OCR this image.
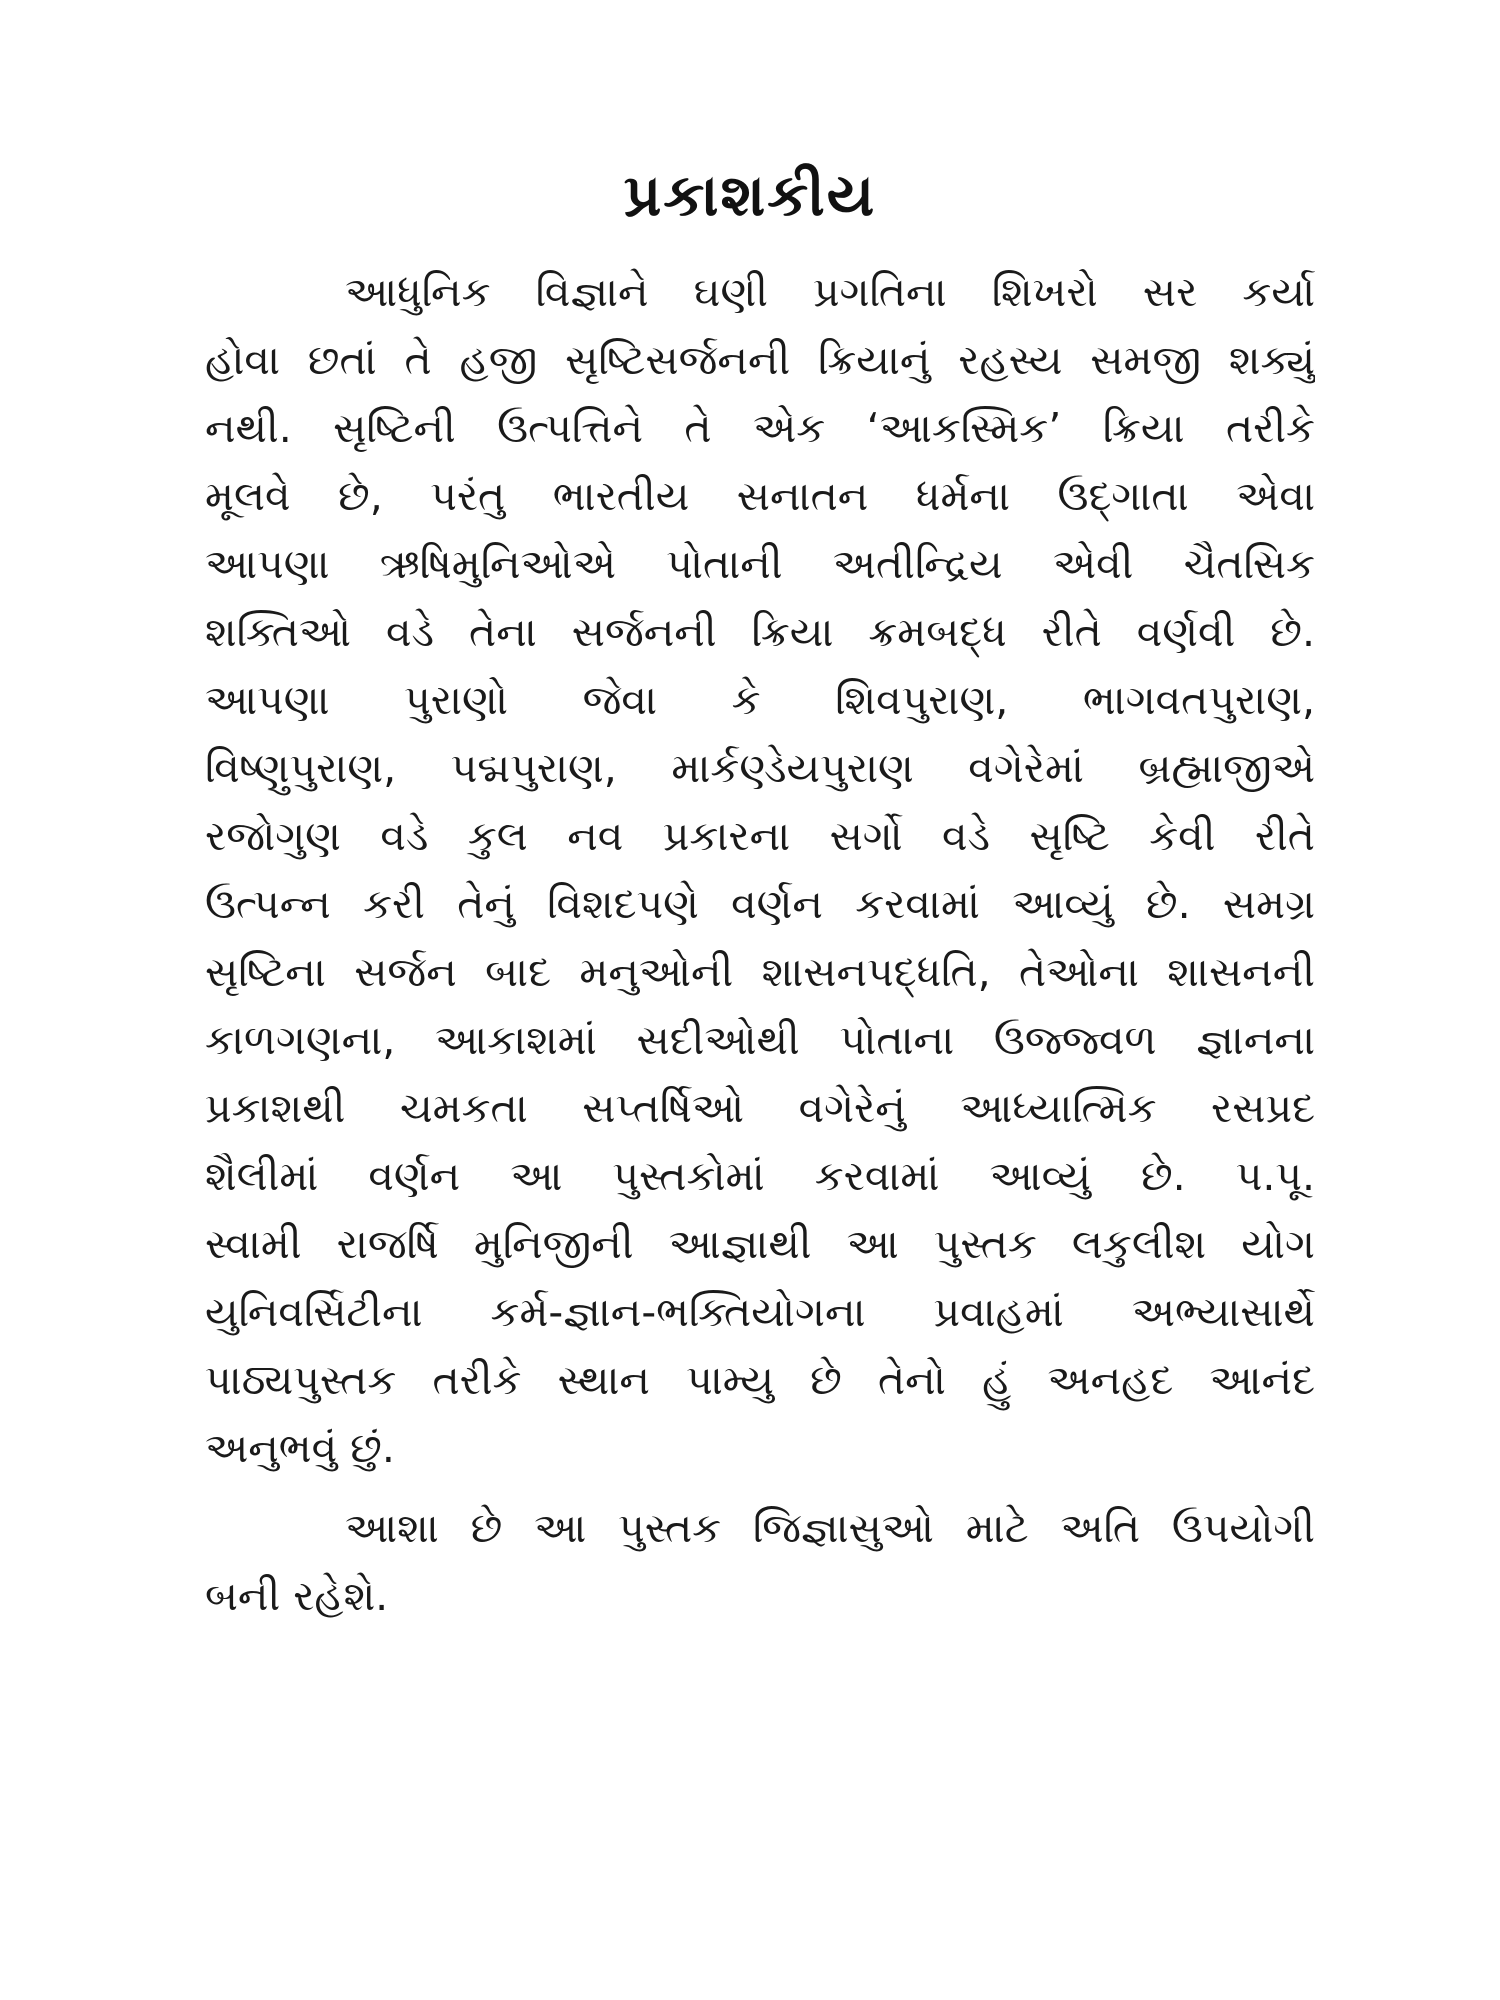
પ્રકાશકીય
આધુનિક વિજ્ઞાને ઘણી પ્રગતિના શિખરો સર કર્યા
હોવા છતાં તે હજી સૃષ્ટિસર્જનની ક્રિયાનું રહસ્ય સમજી શક્યું
નથી. સૃષ્ટિની ઉત્પત્તિને તે એક ‘આકસ્મિક’ ક્રિયા તરીકે
મૂલવે છે, પરંતુ ભારતીય સનાતન ધર્મના ઉદ્ગાતા એવા
આપણા ઋષિમુનિઓએ પોતાની અતીન્દ્રિય એવી ચૈતસિક
શક્તિઓ વડે તેના સર્જનની ક્રિયા ક્રમબદ્ધ રીતે વર્ણવી છે.
આપણા પુરાણો જેવા કે શિવપુરાણ, ભાગવતપુરાણ,
વિષ્ણુપુરાણ, પદ્મપુરાણ, માર્કણ્ડેયપુરાણ વગેરેમાં બ્રહ્માજીએ
રજોગુણ વડે કુલ નવ પ્રકારના સર્ગો વડે સૃષ્ટિ કેવી રીતે
ઉત્પન્ન કરી તેનું વિશદપણે વર્ણન કરવામાં આવ્યું છે. સમગ્ર
સૃષ્ટિના સર્જન બાદ મનુઓની શાસનપદ્ધતિ, તેઓના શાસનની
કાળગણના, આકાશમાં સદીઓથી પોતાના ઉજ્જ્વળ જ્ઞાનના
પ્રકાશથી ચમકતા સપ્તર્ષિઓ વગેરેનું આધ્યાત્મિક રસપ્રદ
શૈલીમાં વર્ણન આ પુસ્તકોમાં કરવામાં આવ્યું છે. પ.પૂ.
સ્વામી રાજર્ષિ મુનિજીની આજ્ઞાથી આ પુસ્તક લકુલીશ યોગ
યુનિવર્સિટીના કર્મ-જ્ઞાન-ભક્તિયોગના પ્રવાહમાં અભ્યાસાર્થે
પાઠ્યપુસ્તક તરીકે સ્થાન પામ્યુ છે તેનો હું અનહદ આનંદ
અનુભવું છું.
આશા છે આ પુસ્તક જિજ્ઞાસુઓ માટે અતિ ઉપયોગી
બની રહેશે.
